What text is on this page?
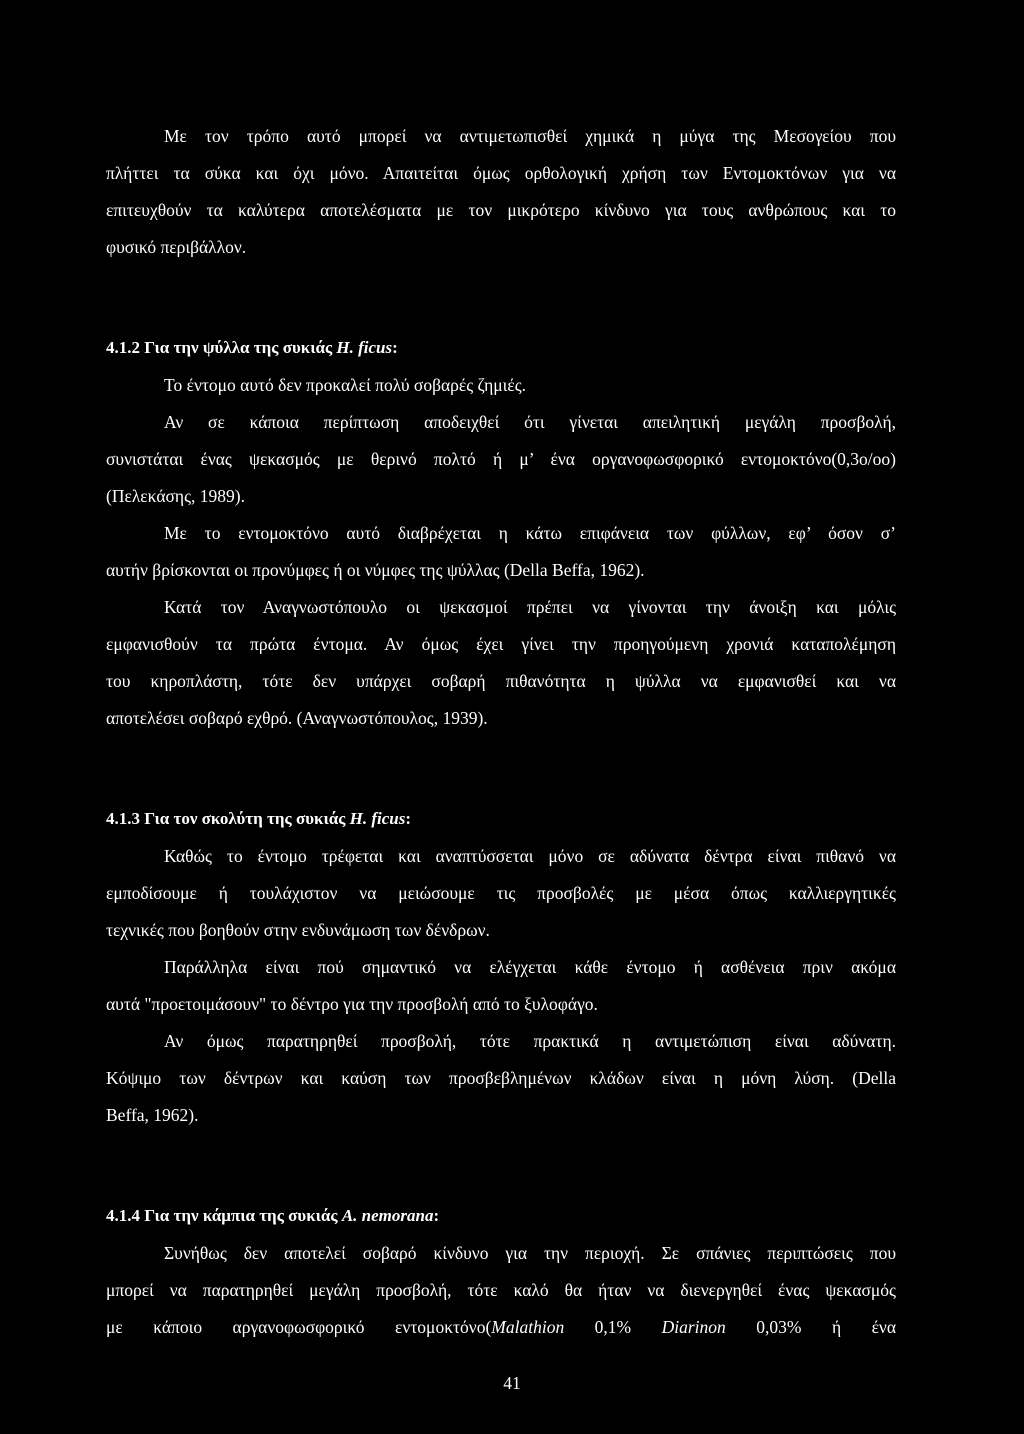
Με τον τρόπο αυτό μπορεί να αντιμετωπισθεί χημικά η μύγα της Μεσογείου που
πλήττει τα σύκα και όχι μόνο. Απαιτείται όμως ορθολογική χρήση των Εντομοκτόνων για να
επιτευχθούν τα καλύτερα αποτελέσματα με τον μικρότερο κίνδυνο για τους ανθρώπους και το
φυσικό περιβάλλον.
4.1.2 Για την ψύλλα της συκιάς H. ficus:
Το έντομο αυτό δεν προκαλεί πολύ σοβαρές ζημιές.
Αν σε κάποια περίπτωση αποδειχθεί ότι γίνεται απειλητική μεγάλη προσβολή,
συνιστάται ένας ψεκασμός με θερινό πολτό ή μ’ ένα οργανοφωσφορικό εντομοκτόνο(0,3o/oo)
(Πελεκάσης, 1989).
Με το εντομοκτόνο αυτό διαβρέχεται η κάτω επιφάνεια των φύλλων, εφ’ όσον σ’
αυτήν βρίσκονται οι προνύμφες ή οι νύμφες της ψύλλας (Della Beffa, 1962).
Κατά τον Αναγνωστόπουλο οι ψεκασμοί πρέπει να γίνονται την άνοιξη και μόλις
εμφανισθούν τα πρώτα έντομα. Αν όμως έχει γίνει την προηγούμενη χρονιά καταπολέμηση
του κηροπλάστη, τότε δεν υπάρχει σοβαρή πιθανότητα η ψύλλα να εμφανισθεί και να
αποτελέσει σοβαρό εχθρό. (Αναγνωστόπουλος, 1939).
4.1.3 Για τον σκολύτη της συκιάς H. ficus:
Καθώς το έντομο τρέφεται και αναπτύσσεται μόνο σε αδύνατα δέντρα είναι πιθανό να
εμποδίσουμε ή τουλάχιστον να μειώσουμε τις προσβολές με μέσα όπως καλλιεργητικές
τεχνικές που βοηθούν στην ενδυνάμωση των δένδρων.
Παράλληλα είναι πού σημαντικό να ελέγχεται κάθε έντομο ή ασθένεια πριν ακόμα
αυτά "προετοιμάσουν" το δέντρο για την προσβολή από το ξυλοφάγο.
Αν όμως παρατηρηθεί προσβολή, τότε πρακτικά η αντιμετώπιση είναι αδύνατη.
Κόψιμο των δέντρων και καύση των προσβεβλημένων κλάδων είναι η μόνη λύση. (Della
Beffa, 1962).
4.1.4 Για την κάμπια της συκιάς A. nemorana:
Συνήθως δεν αποτελεί σοβαρό κίνδυνο για την περιοχή. Σε σπάνιες περιπτώσεις που
μπορεί να παρατηρηθεί μεγάλη προσβολή, τότε καλό θα ήταν να διενεργηθεί ένας ψεκασμός
με κάποιο αργανοφωσφορικό εντομοκτόνο(Malathion 0,1% Diarinon 0,03% ή ένα
41
